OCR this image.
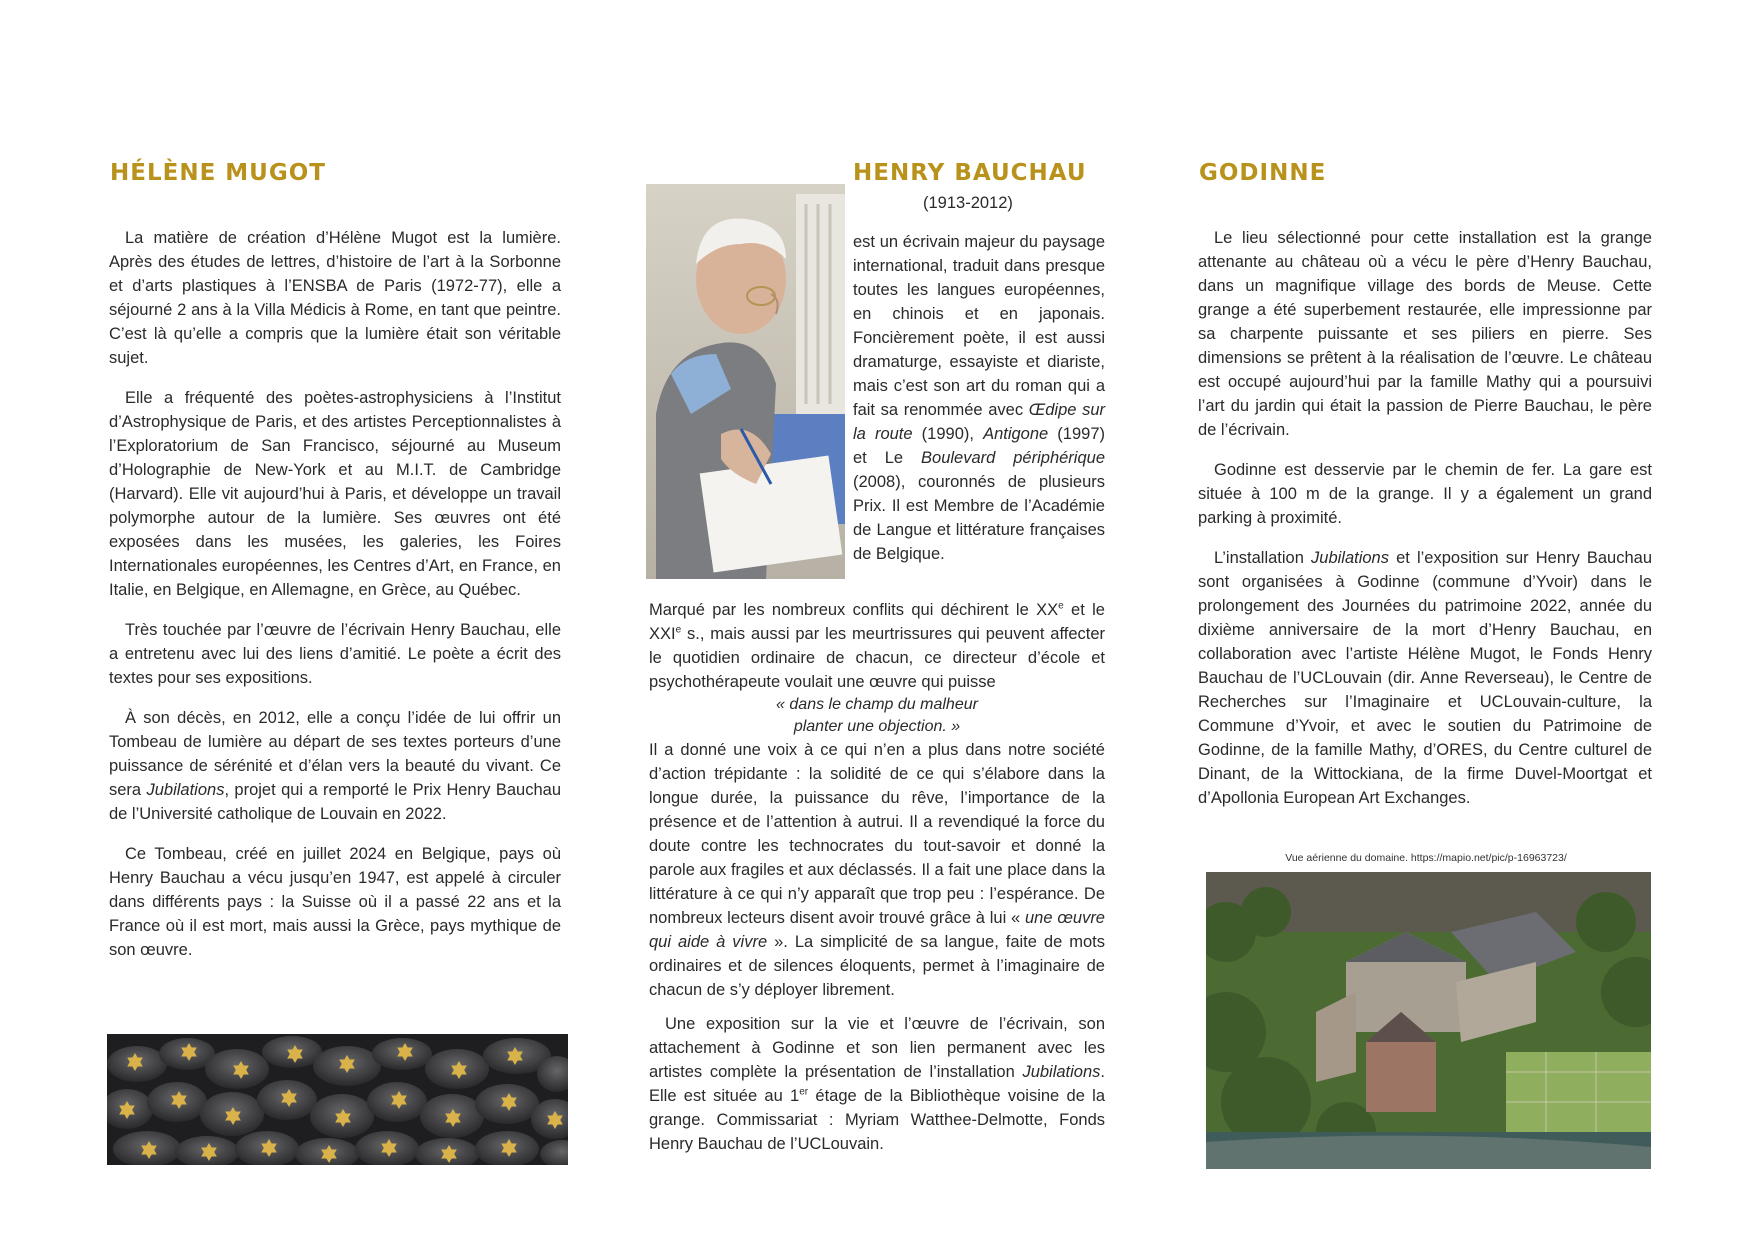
HÉLÈNE MUGOT

La matière de création d’Hélène Mugot est la lumière. Après des études de lettres, d’histoire de l’art à la Sorbonne et d’arts plastiques à l’ENSBA de Paris (1972-77), elle a séjourné 2 ans à la Villa Médicis à Rome, en tant que peintre. C’est là qu’elle a compris que la lumière était son véritable sujet.

Elle a fréquenté des poètes-astrophysiciens à l’Institut d’Astrophysique de Paris, et des artistes Perceptionnalistes à l’Exploratorium de San Francisco, séjourné au Museum d’Holographie de New-York et au M.I.T. de Cambridge (Harvard). Elle vit aujourd’hui à Paris, et développe un travail polymorphe autour de la lumière. Ses œuvres ont été exposées dans les musées, les galeries, les Foires Internationales européennes, les Centres d’Art, en France, en Italie, en Belgique, en Allemagne, en Grèce, au Québec.

Très touchée par l’œuvre de l’écrivain Henry Bauchau, elle a entretenu avec lui des liens d’amitié. Le poète a écrit des textes pour ses expositions.

À son décès, en 2012, elle a conçu l’idée de lui offrir un Tombeau de lumière au départ de ses textes porteurs d’une puissance de sérénité et d’élan vers la beauté du vivant. Ce sera Jubilations, projet qui a remporté le Prix Henry Bauchau de l’Université catholique de Louvain en 2022.

Ce Tombeau, créé en juillet 2024 en Belgique, pays où Henry Bauchau a vécu jusqu’en 1947, est appelé à circuler dans différents pays : la Suisse où il a passé 22 ans et la France où il est mort, mais aussi la Grèce, pays mythique de son œuvre.

HENRY BAUCHAU
(1913-2012)

est un écrivain majeur du paysage international, traduit dans presque toutes les langues européennes, en chinois et en japonais. Foncièrement poète, il est aussi dramaturge, essayiste et diariste, mais c’est son art du roman qui a fait sa renommée avec Œdipe sur la route (1990), Antigone (1997) et Le Boulevard périphérique (2008), couronnés de plusieurs Prix. Il est Membre de l’Académie de Langue et littérature françaises de Belgique.

Marqué par les nombreux conflits qui déchirent le XXe et le XXIe s., mais aussi par les meurtrissures qui peuvent affecter le quotidien ordinaire de chacun, ce directeur d’école et psychothérapeute voulait une œuvre qui puisse

« dans le champ du malheur

planter une objection. »

Il a donné une voix à ce qui n’en a plus dans notre société d’action trépidante : la solidité de ce qui s’élabore dans la longue durée, la puissance du rêve, l’importance de la présence et de l’attention à autrui. Il a revendiqué la force du doute contre les technocrates du tout-savoir et donné la parole aux fragiles et aux déclassés. Il a fait une place dans la littérature à ce qui n’y apparaît que trop peu : l’espérance. De nombreux lecteurs disent avoir trouvé grâce à lui « une œuvre qui aide à vivre ». La simplicité de sa langue, faite de mots ordinaires et de silences éloquents, permet à l’imaginaire de chacun de s’y déployer librement.

Une exposition sur la vie et l’œuvre de l’écrivain, son attachement à Godinne et son lien permanent avec les artistes complète la présentation de l’installation Jubilations. Elle est située au 1er étage de la Bibliothèque voisine de la grange. Commissariat : Myriam Watthee-Delmotte, Fonds Henry Bauchau de l’UCLouvain.

GODINNE

Le lieu sélectionné pour cette installation est la grange attenante au château où a vécu le père d’Henry Bauchau, dans un magnifique village des bords de Meuse. Cette grange a été superbement restaurée, elle impressionne par sa charpente puissante et ses piliers en pierre. Ses dimensions se prêtent à la réalisation de l’œuvre. Le château est occupé aujourd’hui par la famille Mathy qui a poursuivi l’art du jardin qui était la passion de Pierre Bauchau, le père de l’écrivain.

Godinne est desservie par le chemin de fer. La gare est située à 100 m de la grange. Il y a également un grand parking à proximité.

L’installation Jubilations et l’exposition sur Henry Bauchau sont organisées à Godinne (commune d’Yvoir) dans le prolongement des Journées du patrimoine 2022, année du dixième anniversaire de la mort d’Henry Bauchau, en collaboration avec l’artiste Hélène Mugot, le Fonds Henry Bauchau de l’UCLouvain (dir. Anne Reverseau), le Centre de Recherches sur l’Imaginaire et UCLouvain-culture, la Commune d’Yvoir, et avec le soutien du Patrimoine de Godinne, de la famille Mathy, d’ORES, du Centre culturel de Dinant, de la Wittockiana, de la firme Duvel-Moortgat et d’Apollonia European Art Exchanges.

Vue aérienne du domaine. https://mapio.net/pic/p-16963723/
